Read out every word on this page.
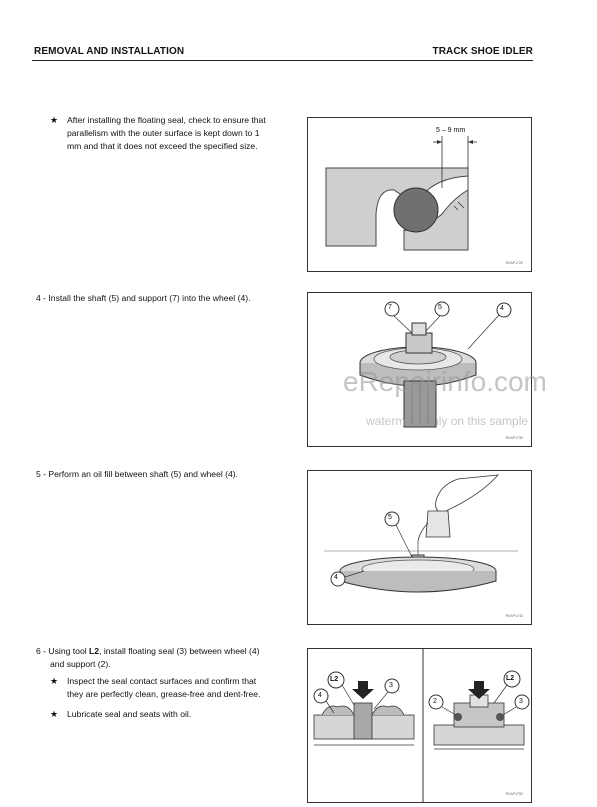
REMOVAL AND INSTALLATION	TRACK SHOE IDLER
★ After installing the floating seal, check to ensure that
parallelism with the outer surface is kept down to 1
mm and that it does not exceed the specified size.
5 – 9 mm
RKAP1720
4 - Install the shaft (5) and support (7) into the wheel (4).
7	5	4
RKAP1730
5 - Perform an oil fill between shaft (5) and wheel (4).
5
4
RKAP1740
6 - Using tool L2, install floating seal (3) between wheel (4)
and support (2).
★ Inspect the seal contact surfaces and confirm that
they are perfectly clean, grease-free and dent-free.
★ Lubricate seal and seats with oil.
L2
3
4
L2
2	3
RKAP1750
eRepairinfo.com
watermark only on this sample
